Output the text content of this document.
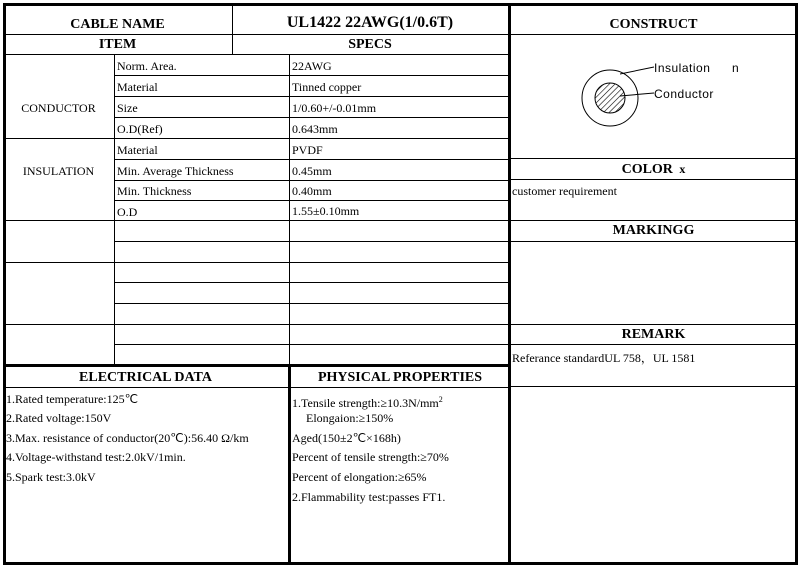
CABLE NAME	UL1422 22AWG(1/0.6T)	CONSTRUCT
ITEM	SPECS
Insulation n
Conductor
CONDUCTOR
Norm. Area.	22AWG
Material	Tinned copper
Size	1/0.60+/-0.01mm
O.D(Ref)	0.643mm
INSULATION
Material	PVDF
Min. Average Thickness	0.45mm
Min. Thickness	0.40mm
O.D	1.55±0.10mm
COLOR x
customer requirement
MARKINGG
REMARK
Referance standardUL 758，UL 1581
ELECTRICAL DATA
1.Rated temperature:125℃
2.Rated voltage:150V
3.Max. resistance of conductor(20℃):56.40 Ω/km
4.Voltage-withstand test:2.0kV/1min.
5.Spark test:3.0kV
PHYSICAL PROPERTIES
1.Tensile $strength:\ge 10.3N/mm^2$
Elongaion:≥150%
Aged(150±2℃×168h)
Percent of tensile strength:≥70%
Percent of elongation:≥65%
2.Flammability test:passes FT1.
